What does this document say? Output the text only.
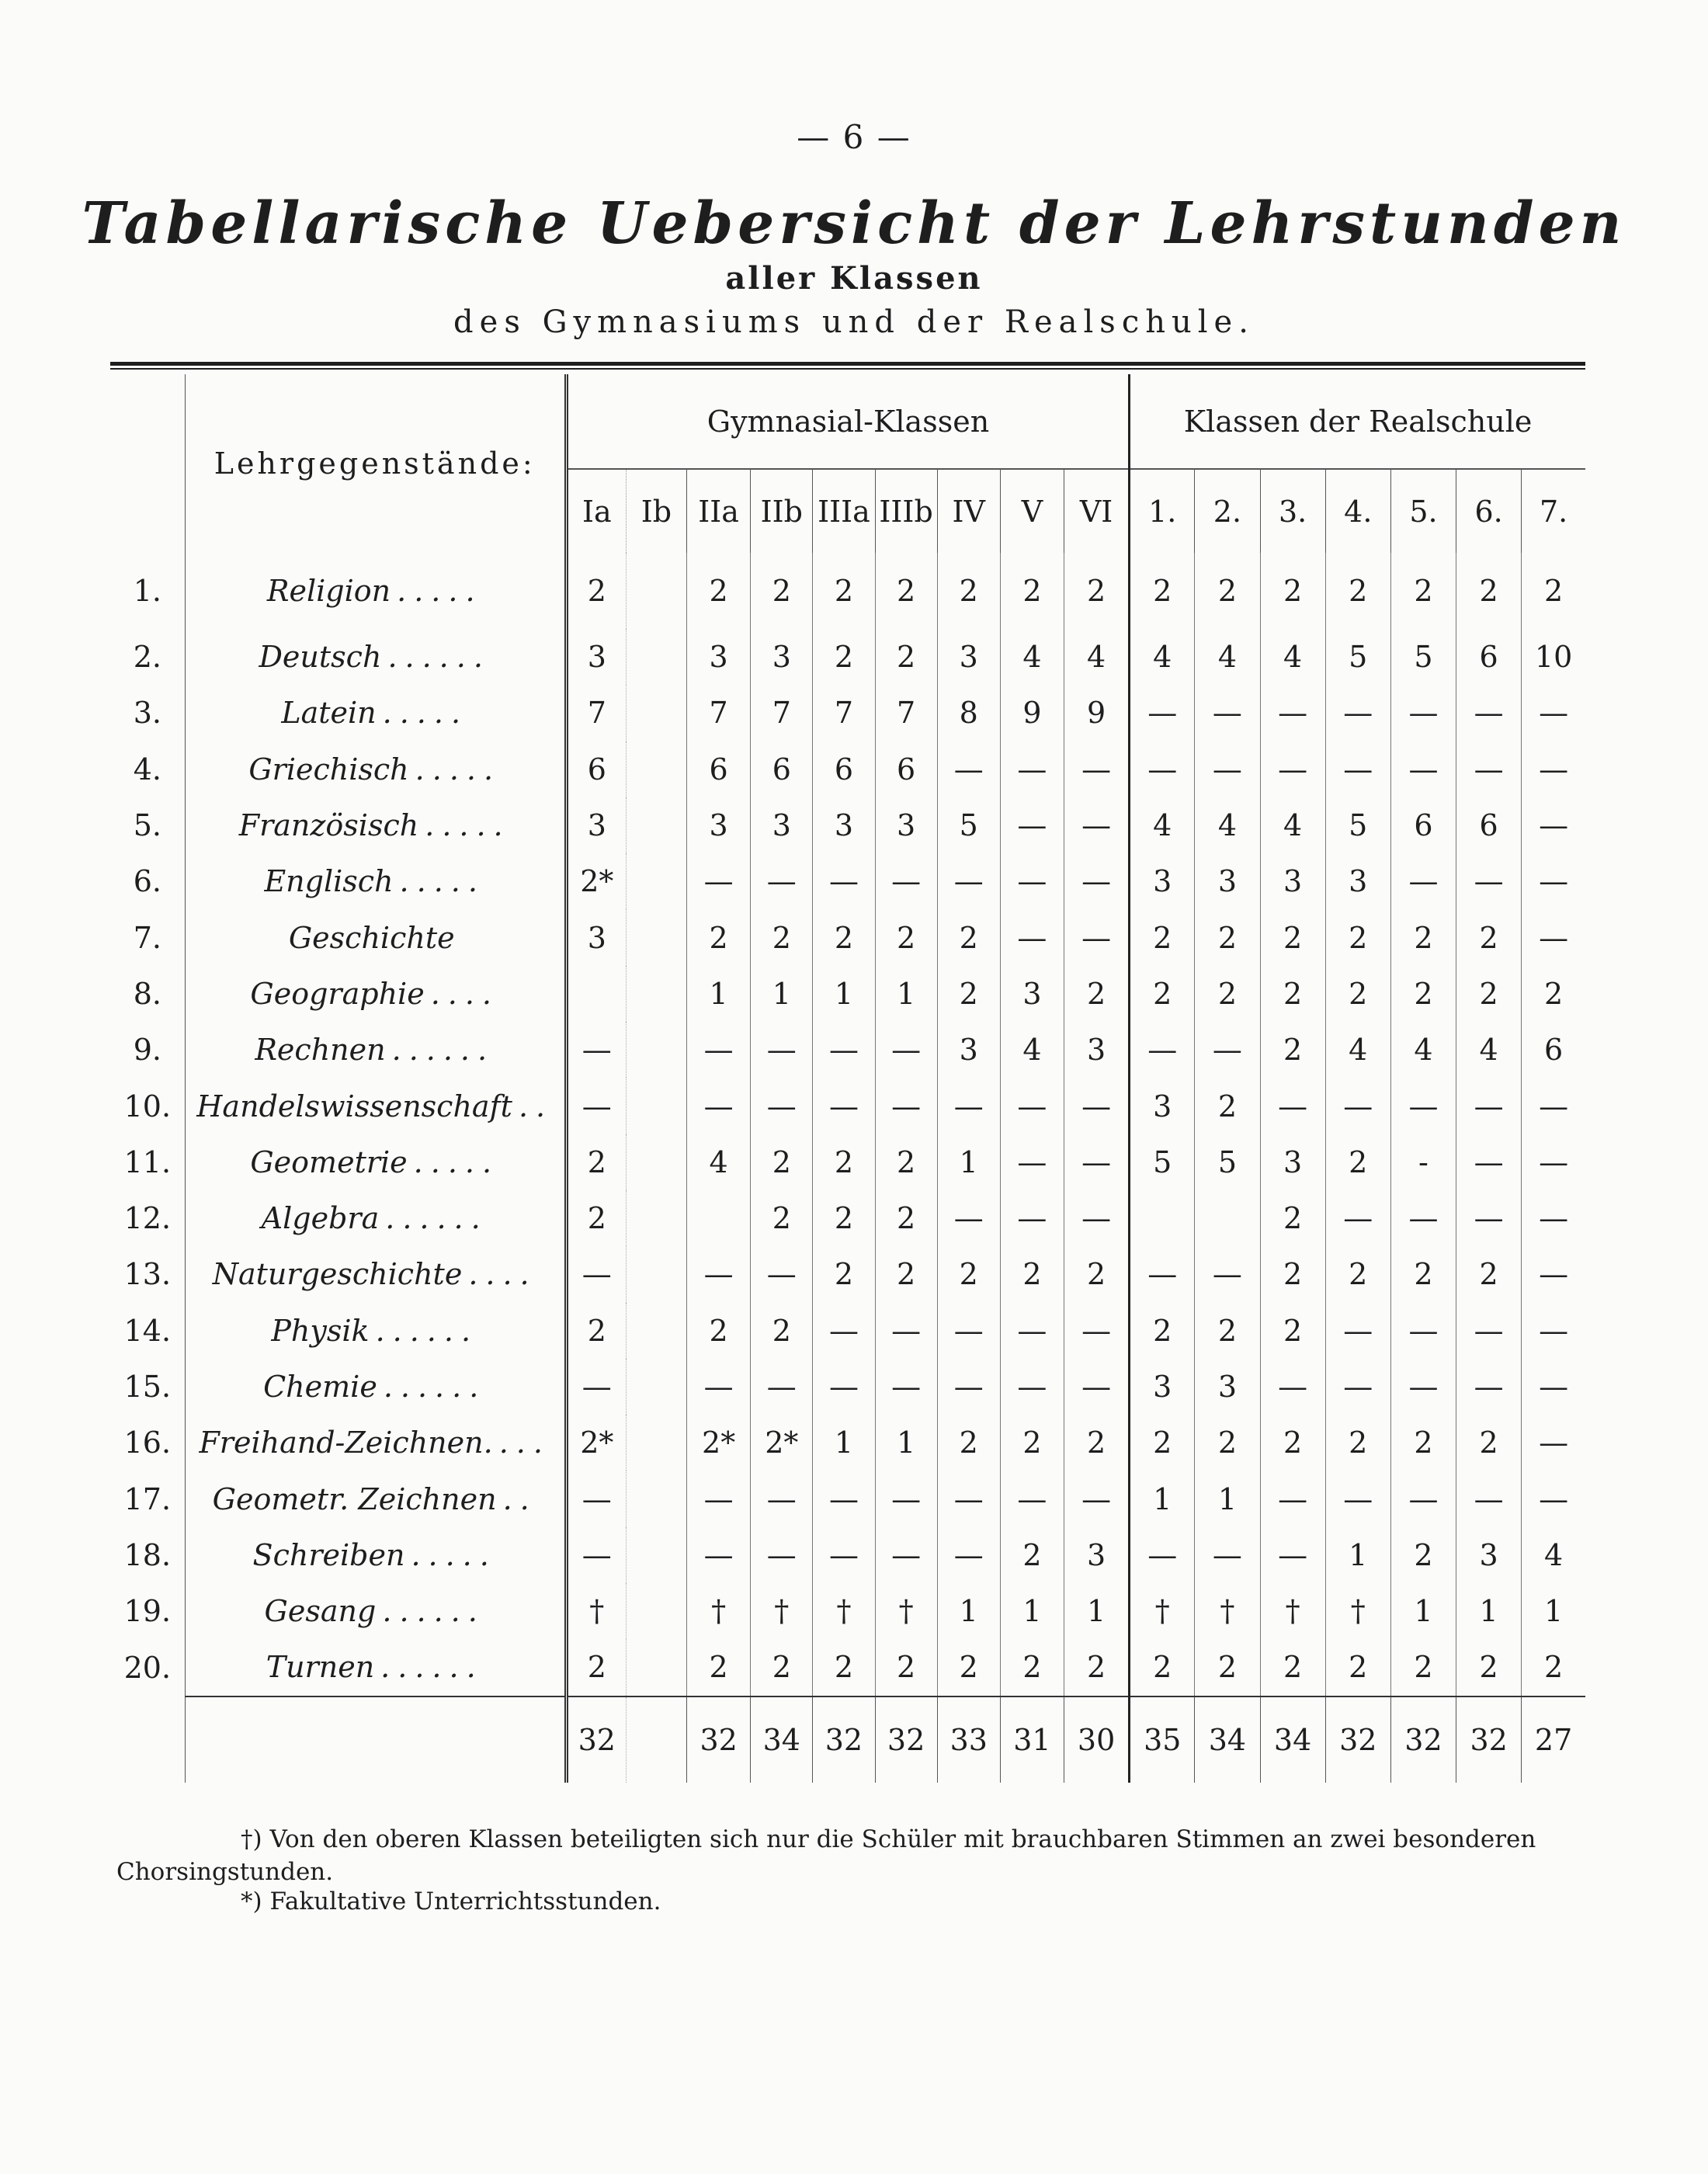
— 6 —
Tabellarische Uebersicht der Lehrstunden
aller Klassen
des Gymnasiums und der Realschule.
	Lehrgegenstände:	Gymnasial-Klassen									Klassen der Realschule						
		Ia	Ib	IIa	IIb	IIIa	IIIb	IV	V	VI	1.	2.	3.	4.	5.	6.	7.
1.	Religion .....	2		2	2	2	2	2	2	2	2	2	2	2	2	2	2
2.	Deutsch ......	3		3	3	2	2	3	4	4	4	4	4	5	5	6	10
3.	Latein .....	7		7	7	7	7	8	9	9	—	—	—	—	—	—	—
4.	Griechisch .....	6		6	6	6	6	—	—	—	—	—	—	—	—	—	—
5.	Französisch .....	3		3	3	3	3	5	—	—	4	4	4	5	6	6	—
6.	Englisch .....	2*		—	—	—	—	—	—	—	3	3	3	3	—	—	—
7.	Geschichte	3		2	2	2	2	2	—	—	2	2	2	2	2	2	—
8.	Geographie ....			1	1	1	1	2	3	2	2	2	2	2	2	2	2
9.	Rechnen ......	—		—	—	—	—	3	4	3	—	—	2	4	4	4	6
10.	Handelswissenschaft ..	—		—	—	—	—	—	—	—	3	2	—	—	—	—	—
11.	Geometrie .....	2		4	2	2	2	1	—	—	5	5	3	2	-	—	—
12.	Algebra ......	2			2	2	2	—	—	—			2	—	—	—	—
13.	Naturgeschichte ....	—		—	—	2	2	2	2	2	—	—	2	2	2	2	—
14.	Physik ......	2		2	2	—	—	—	—	—	2	2	2	—	—	—	—
15.	Chemie ......	—		—	—	—	—	—	—	—	3	3	—	—	—	—	—
16.	Freihand-Zeichnen. ...	2*		2*	2*	1	1	2	2	2	2	2	2	2	2	2	—
17.	Geometr. Zeichnen ..	—		—	—	—	—	—	—	—	1	1	—	—	—	—	—
18.	Schreiben .....	—		—	—	—	—	—	2	3	—	—	—	1	2	3	4
19.	Gesang ......	†		†	†	†	†	1	1	1	†	†	†	†	1	1	1
20.	Turnen ......	2		2	2	2	2	2	2	2	2	2	2	2	2	2	2
		32		32	34	32	32	33	31	30	35	34	34	32	32	32	27
†) Von den oberen Klassen beteiligten sich nur die Schüler mit brauchbaren Stimmen an zwei besonderen Chorsingstunden.
*) Fakultative Unterrichtsstunden.
